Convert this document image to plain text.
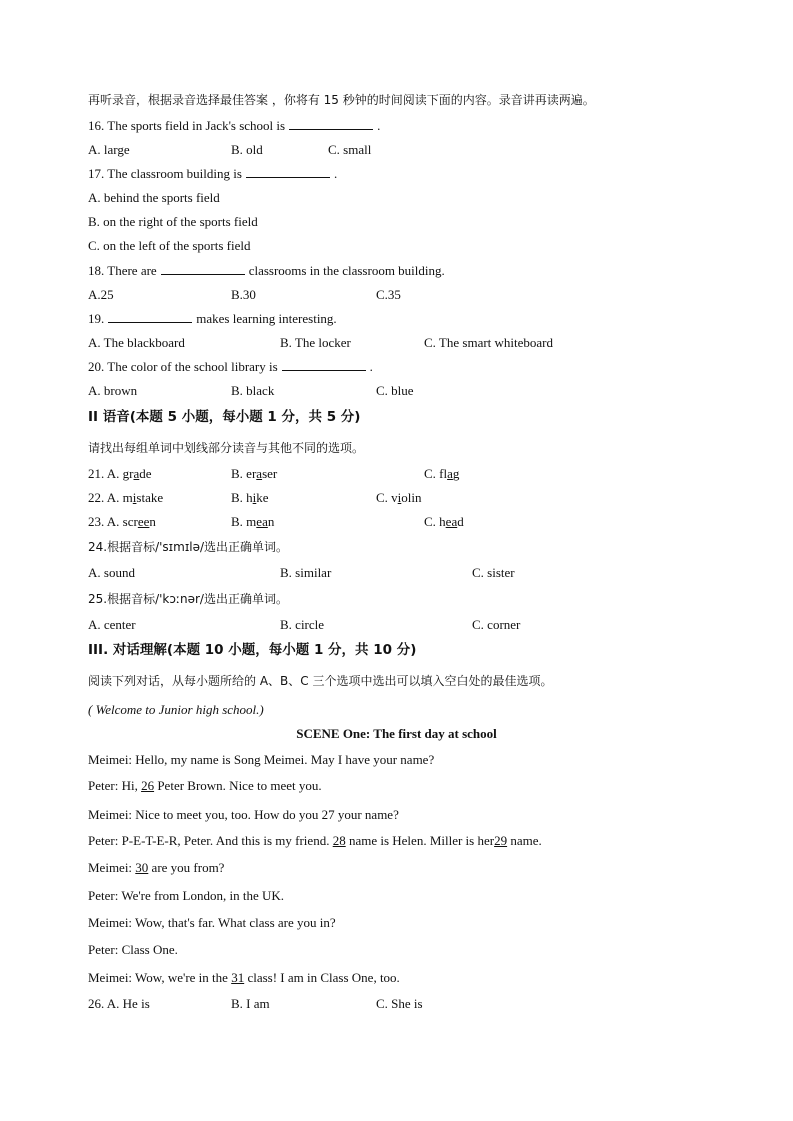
再听录音，根据录音选择最佳答案 ，你将有 15 秒钟的时间阅读下面的内容。录音讲再读两遍。
16. The sports field in Jack's school is	.
A. large	B. old	C. small
17. The classroom building is	.
A. behind the sports field
B. on the right of the sports field
C. on the left of the sports field
18. There are	classrooms in the classroom building.
A.25	B.30	C.35
19.	makes learning interesting.
A. The blackboard	B. The locker	C. The smart whiteboard
20. The color of the school library is	.
A. brown	B. black	C. blue
II 语音(本题 5 小题，每小题 1 分，共 5 分)
请找出每组单词中划线部分读音与其他不同的选项。
21. A. grade	B. eraser	C. flag
22. A. mistake	B. hike	C. violin
23. A. screen	B. mean	C. head
24.根据音标/'sɪmɪlə/选出正确单词。
A. sound	B. similar	C. sister
25.根据音标/'kɔːnər/选出正确单词。
A. center	B. circle	C. corner
III. 对话理解(本题 10 小题，每小题 1 分，共 10 分)
阅读下列对话，从每小题所给的 A、B、C 三个选项中选出可以填入空白处的最佳选项。
( Welcome to Junior high school.)
SCENE One: The first day at school
Meimei: Hello, my name is Song Meimei. May I have your name?
Peter: Hi, 26 Peter Brown. Nice to meet you.
Meimei: Nice to meet you, too. How do you 27 your name?
Peter: P-E-T-E-R, Peter. And this is my friend. 28 name is Helen. Miller is her29 name.
Meimei: 30 are you from?
Peter: We're from London, in the UK.
Meimei: Wow, that's far. What class are you in?
Peter: Class One.
Meimei: Wow, we're in the 31 class! I am in Class One, too.
26. A. He is	B. I am	C. She is
